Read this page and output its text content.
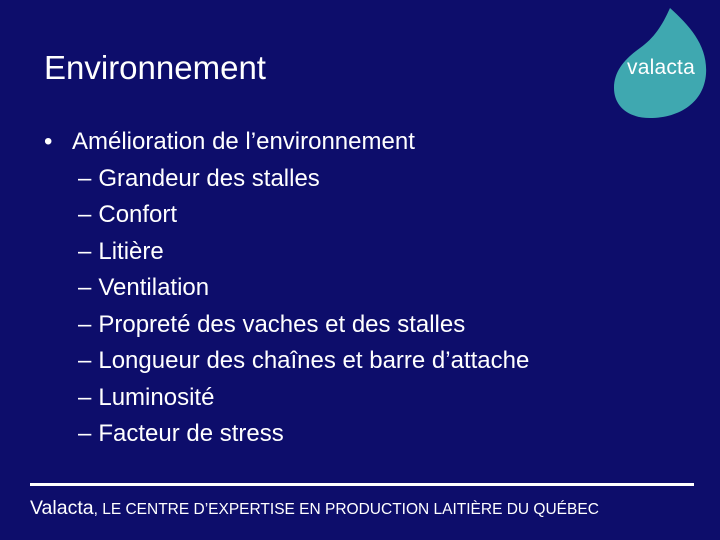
Environnement	valacta
• Amélioration de l’environnement
– Grandeur des stalles
– Confort
– Litière
– Ventilation
– Propreté des vaches et des stalles
– Longueur des chaînes et barre d’attache
– Luminosité
– Facteur de stress
Valacta, LE CENTRE D’EXPERTISE EN PRODUCTION LAITIÈRE DU QUÉBEC
